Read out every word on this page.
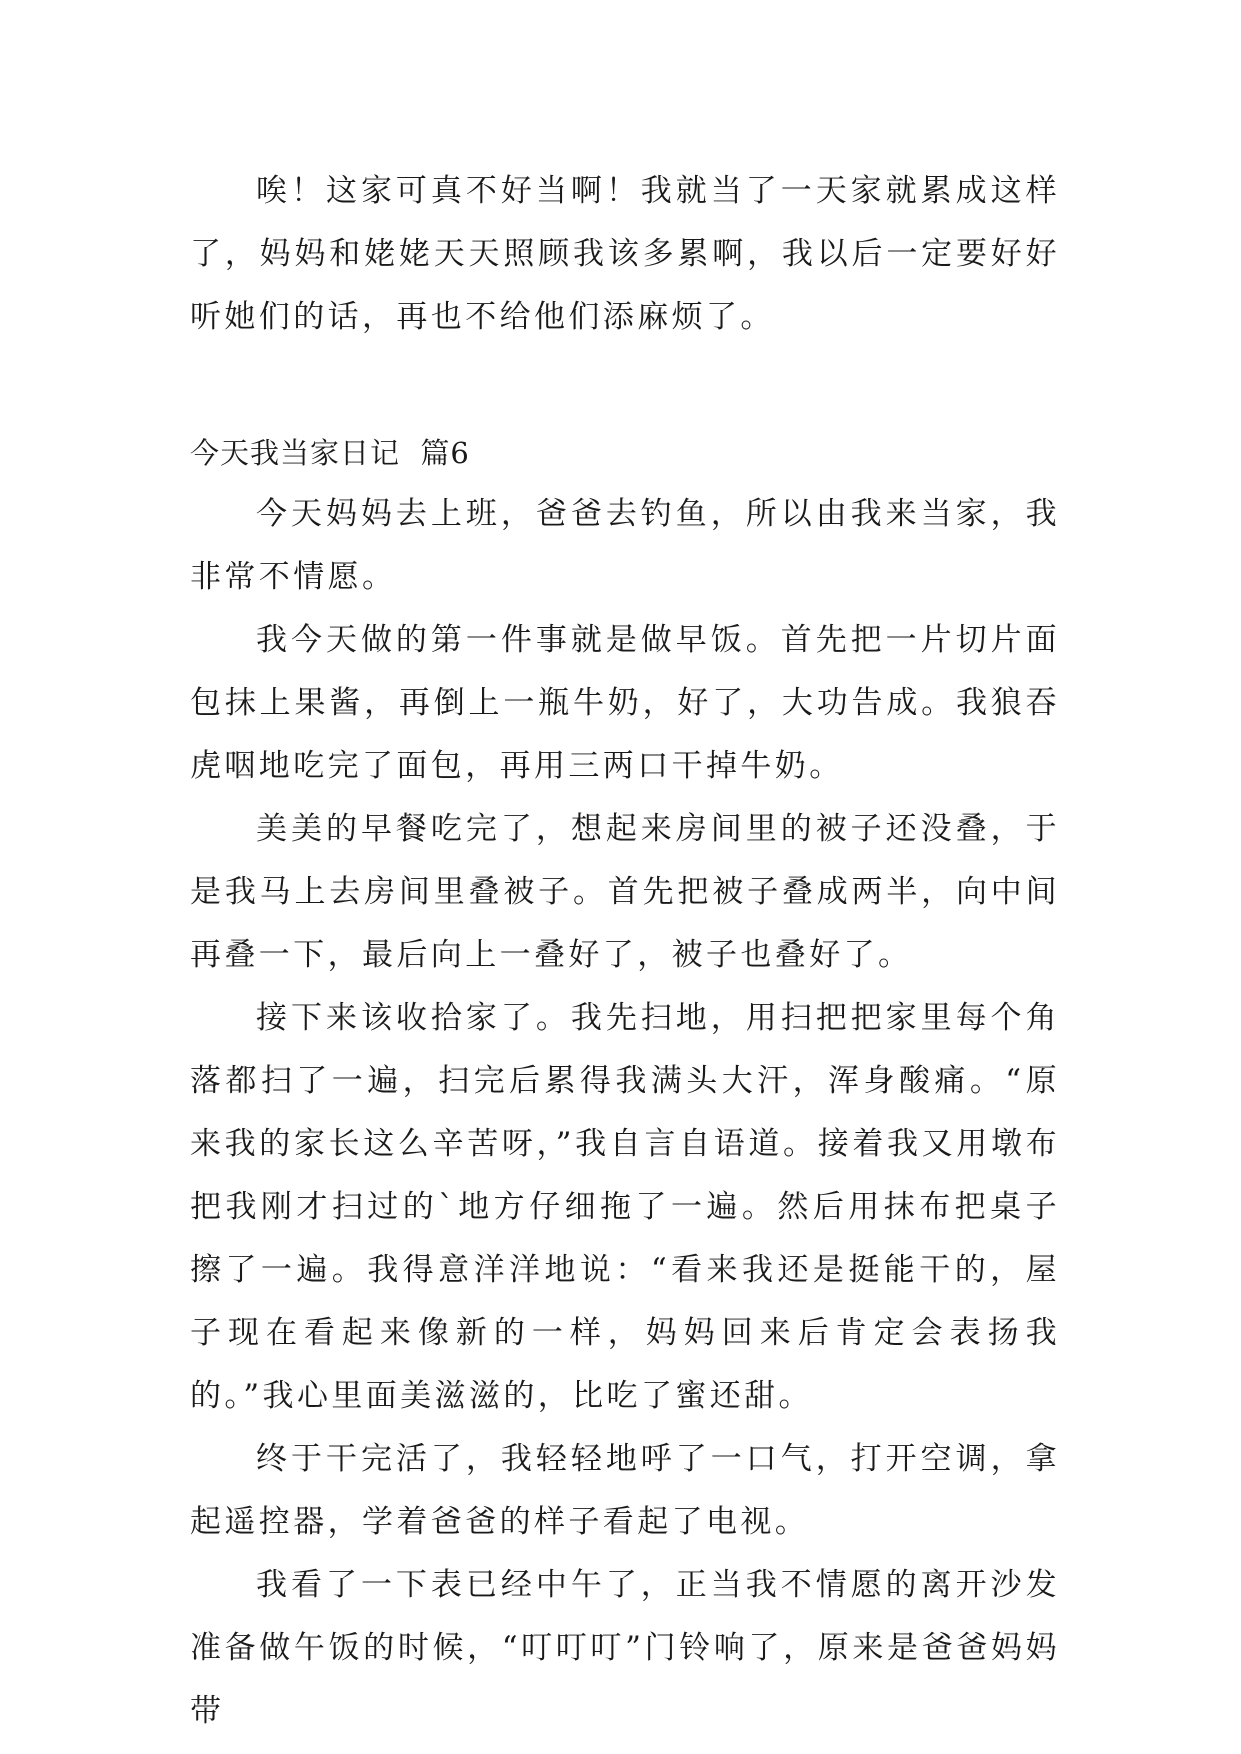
唉！这家可真不好当啊！我就当了一天家就累成这样了，妈妈和姥姥天天照顾我该多累啊，我以后一定要好好听她们的话，再也不给他们添麻烦了。

今天我当家日记  篇6

今天妈妈去上班，爸爸去钓鱼，所以由我来当家，我非常不情愿。

我今天做的第一件事就是做早饭。首先把一片切片面包抹上果酱，再倒上一瓶牛奶，好了，大功告成。我狼吞虎咽地吃完了面包，再用三两口干掉牛奶。

美美的早餐吃完了，想起来房间里的被子还没叠，于是我马上去房间里叠被子。首先把被子叠成两半，向中间再叠一下，最后向上一叠好了，被子也叠好了。

接下来该收拾家了。我先扫地，用扫把把家里每个角落都扫了一遍，扫完后累得我满头大汗，浑身酸痛。“原来我的家长这么辛苦呀，”我自言自语道。接着我又用墩布把我刚才扫过的`地方仔细拖了一遍。然后用抹布把桌子擦了一遍。我得意洋洋地说：“看来我还是挺能干的，屋子现在看起来像新的一样，妈妈回来后肯定会表扬我的。”我心里面美滋滋的，比吃了蜜还甜。

终于干完活了，我轻轻地呼了一口气，打开空调，拿起遥控器，学着爸爸的样子看起了电视。

我看了一下表已经中午了，正当我不情愿的离开沙发准备做午饭的时候，“叮叮叮”门铃响了，原来是爸爸妈妈带
